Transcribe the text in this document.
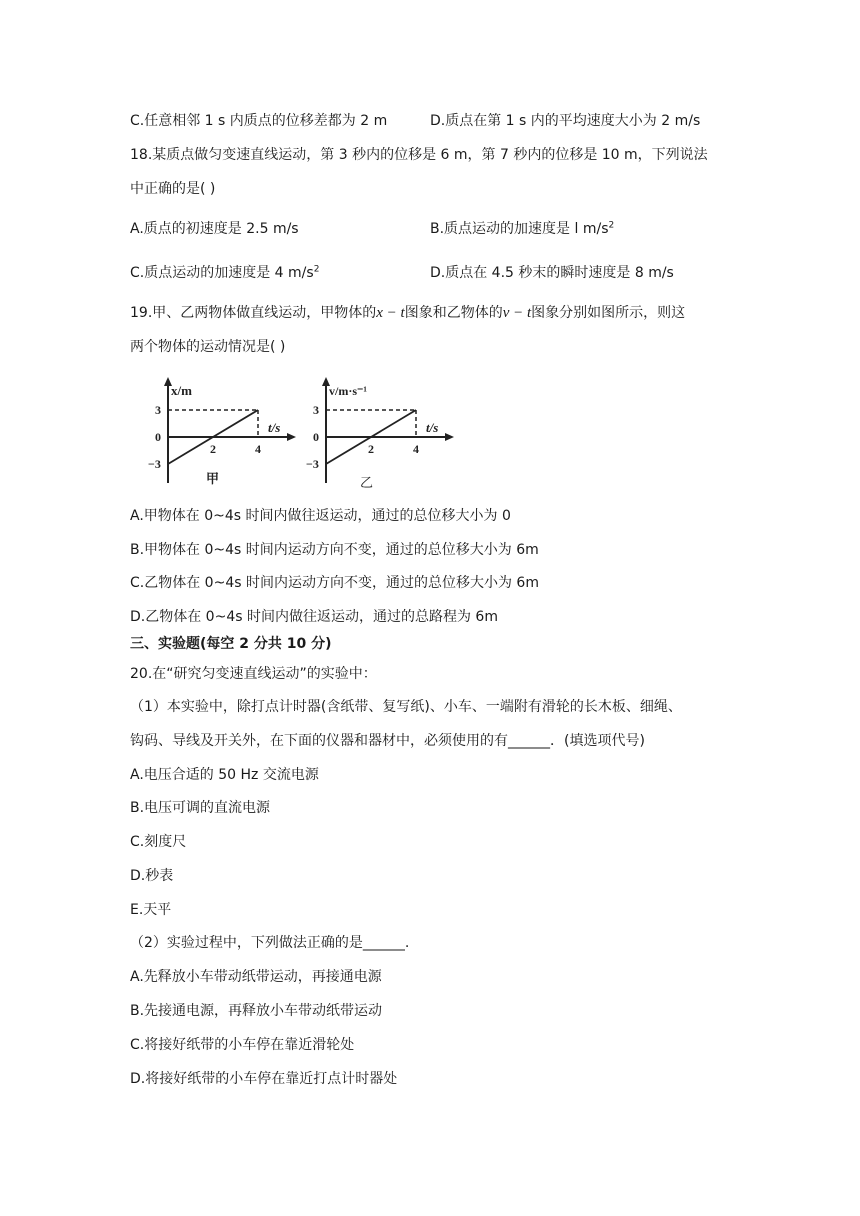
C.任意相邻 1 s 内质点的位移差都为 2 m	D.质点在第 1 s 内的平均速度大小为 2 m/s
18.某质点做匀变速直线运动，第 3 秒内的位移是 6 m，第 7 秒内的位移是 10 m，下列说法
中正确的是( )
A.质点的初速度是 2.5 m/s	B.质点运动的加速度是 l $m/s^2$
C.质点运动的加速度是 4 $m/s^2$	D.质点在 4.5 秒末的瞬时速度是 8 m/s
19.甲、乙两物体做直线运动，甲物体的x − t图象和乙物体的v − t图象分别如图所示，则这
两个物体的运动情况是( )
x/m
t/s
3
0
−3
2	4
甲
v/m·s⁻¹
t/s
3
0
−3
2	4
乙
A.甲物体在 0~4s 时间内做往返运动，通过的总位移大小为 0
B.甲物体在 0~4s 时间内运动方向不变，通过的总位移大小为 6m
C.乙物体在 0~4s 时间内运动方向不变，通过的总位移大小为 6m
D.乙物体在 0~4s 时间内做往返运动，通过的总路程为 6m
三、实验题(每空 2 分共 10 分)
20.在“研究匀变速直线运动”的实验中：
（1）本实验中，除打点计时器(含纸带、复写纸)、小车、一端附有滑轮的长木板、细绳、
钩码、导线及开关外，在下面的仪器和器材中，必须使用的有______．(填选项代号)
A.电压合适的 50 Hz 交流电源
B.电压可调的直流电源
C.刻度尺
D.秒表
E.天平
（2）实验过程中，下列做法正确的是______.
A.先释放小车带动纸带运动，再接通电源
B.先接通电源，再释放小车带动纸带运动
C.将接好纸带的小车停在靠近滑轮处
D.将接好纸带的小车停在靠近打点计时器处
